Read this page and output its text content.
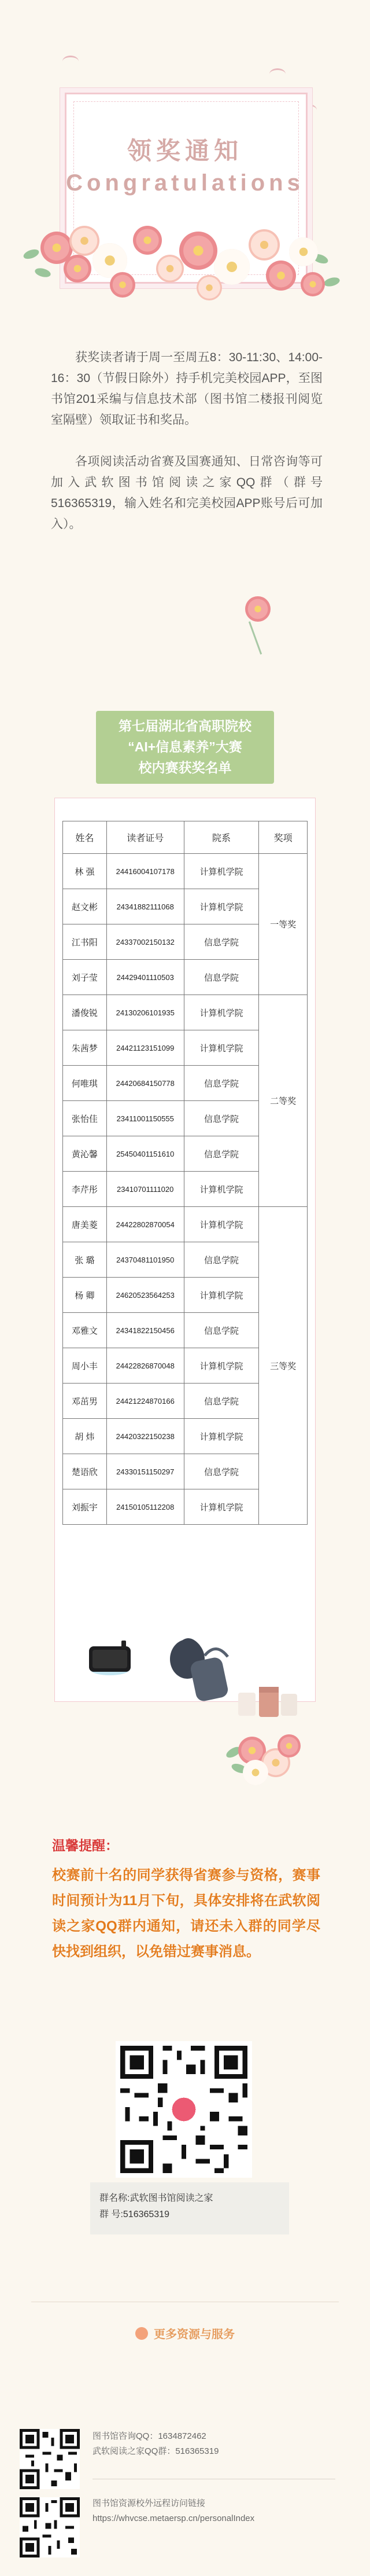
领奖通知
Congratulations

获奖读者请于周一至周五8：30-11:30、14:00-16：30（节假日除外）持手机完美校园APP，至图书馆201采编与信息技术部（图书馆二楼报刊阅览室隔壁）领取证书和奖品。

各项阅读活动省赛及国赛通知、日常咨询等可加入武软图书馆阅读之家QQ群（群号516365319，输入姓名和完美校园APP账号后可加入）。

第七届湖北省高职院校
“AI+信息素养”大赛
校内赛获奖名单
姓名	读者证号	院系	奖项
林 强	24416004107178	计算机学院	一等奖
赵文彬	24341882111068	计算机学院	
江书阳	24337002150132	信息学院	
刘子莹	24429401110503	信息学院	
潘俊锐	24130206101935	计算机学院	二等奖
朱茜梦	24421123151099	计算机学院	
何唯琪	24420684150778	信息学院	
张怡佳	23411001150555	信息学院	
黄沁馨	25450401151610	信息学院	
李芹彤	23410701111020	计算机学院	
唐美菱	24422802870054	计算机学院	三等奖
张 璐	24370481101950	信息学院	
杨 卿	24620523564253	计算机学院	
邓雅文	24341822150456	信息学院	
周小丰	24422826870048	计算机学院	
邓茁男	24421224870166	信息学院	
胡 炜	24420322150238	计算机学院	
楚语欣	24330151150297	信息学院	
刘振宇	24150105112208	计算机学院	
温馨提醒：

校赛前十名的同学获得省赛参与资格，赛事时间预计为11月下旬，具体安排将在武软阅读之家QQ群内通知，请还未入群的同学尽快找到组织，以免错过赛事消息。

群名称:武软图书馆阅读之家
群 号:516365319
更多资源与服务
图书馆咨询QQ：1634872462
武软阅读之家QQ群：516365319
图书馆资源校外远程访问链接
https://whvcse.metaersp.cn/personalIndex
